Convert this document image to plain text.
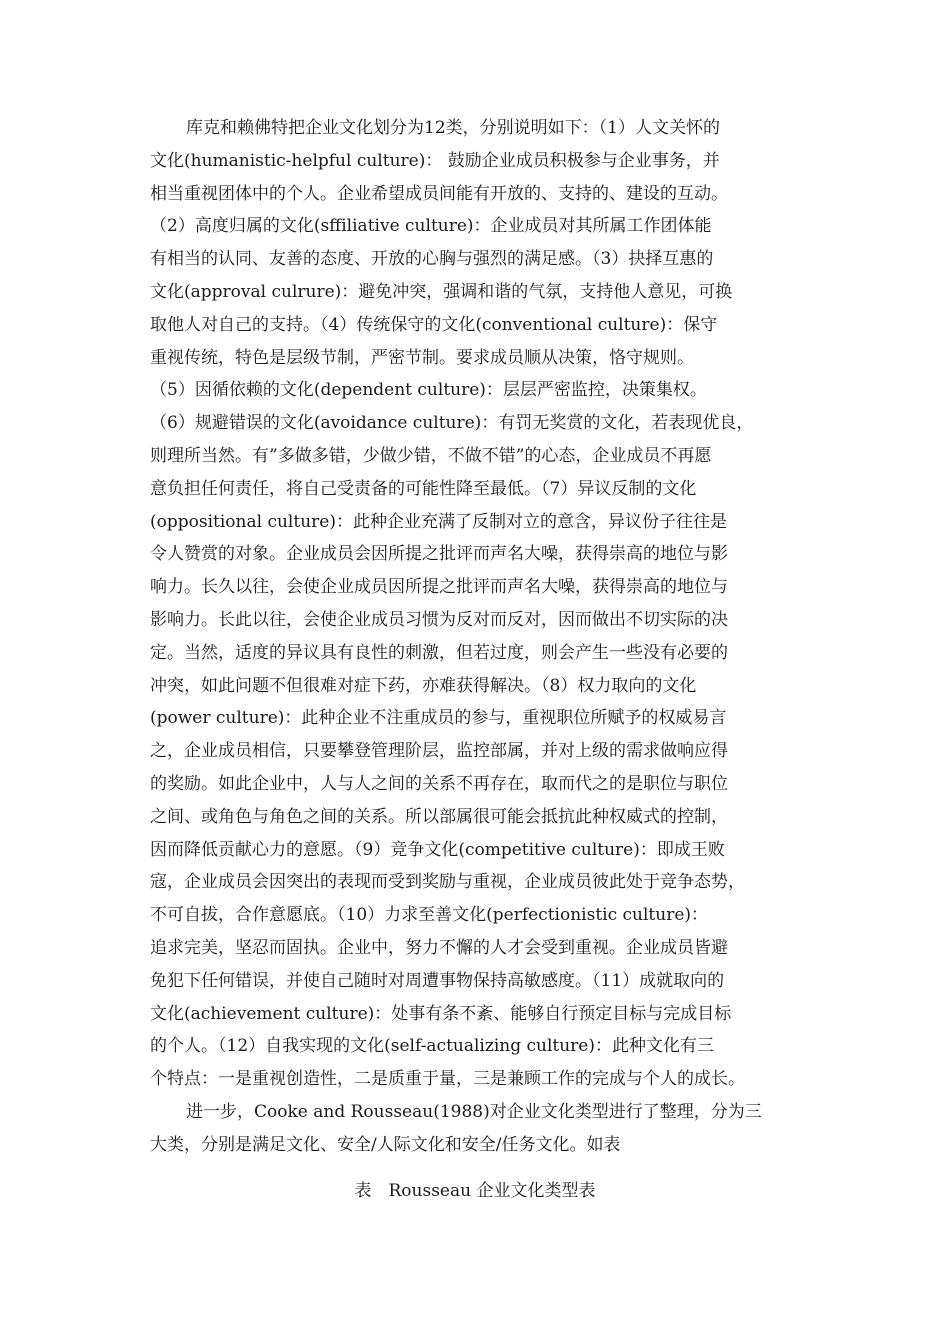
库克和赖佛特把企业文化划分为12类，分别说明如下：（1）人文关怀的
文化(humanistic-helpful culture)： 鼓励企业成员积极参与企业事务，并
相当重视团体中的个人。企业希望成员间能有开放的、支持的、建设的互动。
（2）高度归属的文化(sffiliative culture)：企业成员对其所属工作团体能
有相当的认同、友善的态度、开放的心胸与强烈的满足感。（3）抉择互惠的
文化(approval culrure)：避免冲突，强调和谐的气氛，支持他人意见，可换
取他人对自己的支持。（4）传统保守的文化(conventional culture)：保守
重视传统，特色是层级节制，严密节制。要求成员顺从决策，恪守规则。
（5）因循依赖的文化(dependent culture)：层层严密监控，决策集权。
（6）规避错误的文化(avoidance culture)：有罚无奖赏的文化，若表现优良，
则理所当然。有”多做多错，少做少错，不做不错”的心态，企业成员不再愿
意负担任何责任，将自己受责备的可能性降至最低。（7）异议反制的文化
(oppositional culture)：此种企业充满了反制对立的意含，异议份子往往是
令人赞赏的对象。企业成员会因所提之批评而声名大噪，获得崇高的地位与影
响力。长久以往，会使企业成员因所提之批评而声名大噪，获得崇高的地位与
影响力。长此以往，会使企业成员习惯为反对而反对，因而做出不切实际的决
定。当然，适度的异议具有良性的刺激，但若过度，则会产生一些没有必要的
冲突，如此问题不但很难对症下药，亦难获得解决。（8）权力取向的文化
(power culture)：此种企业不注重成员的参与，重视职位所赋予的权威易言
之，企业成员相信，只要攀登管理阶层，监控部属，并对上级的需求做响应得
的奖励。如此企业中，人与人之间的关系不再存在，取而代之的是职位与职位
之间、或角色与角色之间的关系。所以部属很可能会抵抗此种权威式的控制，
因而降低贡献心力的意愿。（9）竞争文化(competitive culture)：即成王败
寇，企业成员会因突出的表现而受到奖励与重视，企业成员彼此处于竞争态势，
不可自拔，合作意愿底。（10）力求至善文化(perfectionistic culture)：
追求完美，坚忍而固执。企业中，努力不懈的人才会受到重视。企业成员皆避
免犯下任何错误，并使自己随时对周遭事物保持高敏感度。（11）成就取向的
文化(achievement culture)：处事有条不紊、能够自行预定目标与完成目标
的个人。（12）自我实现的文化(self-actualizing culture)：此种文化有三
个特点：一是重视创造性，二是质重于量，三是兼顾工作的完成与个人的成长。
进一步，Cooke and Rousseau(1988)对企业文化类型进行了整理，分为三
大类，分别是满足文化、安全/人际文化和安全/任务文化。如表
表　Rousseau 企业文化类型表
